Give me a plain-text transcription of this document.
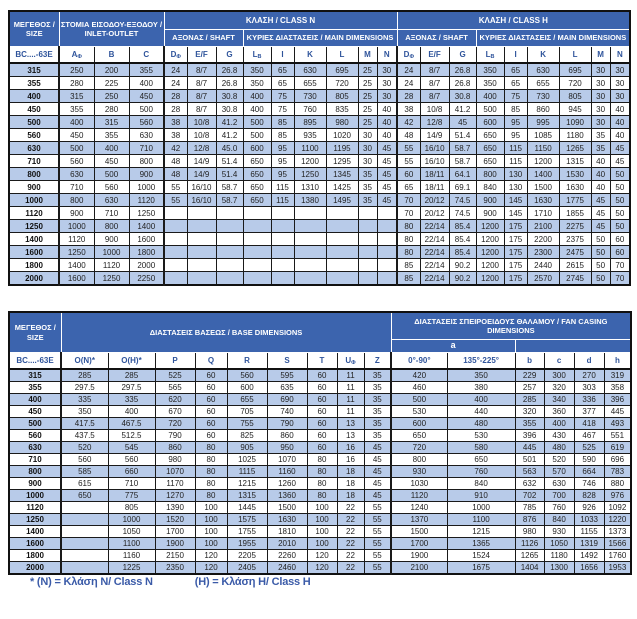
ΜΕΓΕΘΟΣ / SIZE	ΣΤΟΜΙΑ ΕΙΣΟΔΟΥ-ΕΞΟΔΟΥ / INLET-OUTLET			ΚΛΑΣΗ / CLASS N									ΚΛΑΣΗ / CLASS H								
				ΑΞΟΝΑΣ / SHAFT			ΚΥΡΙΕΣ ΔΙΑΣΤΑΣΕΙΣ / MAIN DIMENSIONS						ΑΞΟΝΑΣ / SHAFT			ΚΥΡΙΕΣ ΔΙΑΣΤΑΣΕΙΣ / MAIN DIMENSIONS					
BC....-63E	$A_\Phi$	B	C	$D_\Phi$	E/F	G	$L_B$	I	K	L	M	N	$D_\Phi$	E/F	G	$L_B$	I	K	L	M	N
315	250	200	355	24	8/7	26.8	350	65	630	695	25	30	24	8/7	26.8	350	65	630	695	30	30
355	280	225	400	24	8/7	26.8	350	65	655	720	25	30	24	8/7	26.8	350	65	655	720	30	30
400	315	250	450	28	8/7	30.8	400	75	730	805	25	30	28	8/7	30.8	400	75	730	805	30	30
450	355	280	500	28	8/7	30.8	400	75	760	835	25	40	38	10/8	41.2	500	85	860	945	30	40
500	400	315	560	38	10/8	41.2	500	85	895	980	25	40	42	12/8	45	600	95	995	1090	30	40
560	450	355	630	38	10/8	41.2	500	85	935	1020	30	40	48	14/9	51.4	650	95	1085	1180	35	40
630	500	400	710	42	12/8	45.0	600	95	1100	1195	30	45	55	16/10	58.7	650	115	1150	1265	35	45
710	560	450	800	48	14/9	51.4	650	95	1200	1295	30	45	55	16/10	58.7	650	115	1200	1315	40	45
800	630	500	900	48	14/9	51.4	650	95	1250	1345	35	45	60	18/11	64.1	800	130	1400	1530	40	50
900	710	560	1000	55	16/10	58.7	650	115	1310	1425	35	45	65	18/11	69.1	840	130	1500	1630	40	50
1000	800	630	1120	55	16/10	58.7	650	115	1380	1495	35	45	70	20/12	74.5	900	145	1630	1775	45	50
1120	900	710	1250										70	20/12	74.5	900	145	1710	1855	45	50
1250	1000	800	1400										80	22/14	85.4	1200	175	2100	2275	45	50
1400	1120	900	1600										80	22/14	85.4	1200	175	2200	2375	50	60
1600	1250	1000	1800										80	22/14	85.4	1200	175	2300	2475	50	60
1800	1400	1120	2000										85	22/14	90.2	1200	175	2440	2615	50	70
2000	1600	1250	2250										85	22/14	90.2	1200	175	2570	2745	50	70
ΜΕΓΕΘΟΣ / SIZE	ΔΙΑΣΤΑΣΕΙΣ ΒΑΣΕΩΣ / BASE DIMENSIONS									ΔΙΑΣΤΑΣΕΙΣ ΣΠΕΙΡΟΕΙΔΟΥΣ ΘΑΛΑΜΟΥ / FAN CASING DIMENSIONS					
										a					
BC....-63E	O(N)*	O(H)*	P	Q	R	S	T	$U_\Phi$	Z	0°-90°	135°-225°	b	c	d	h
315	285	285	525	60	560	595	60	11	35	420	350	229	300	270	319
355	297.5	297.5	565	60	600	635	60	11	35	460	380	257	320	303	358
400	335	335	620	60	655	690	60	11	35	500	400	285	340	336	396
450	350	400	670	60	705	740	60	11	35	530	440	320	360	377	445
500	417.5	467.5	720	60	755	790	60	13	35	600	480	355	400	418	493
560	437.5	512.5	790	60	825	860	60	13	35	650	530	396	430	467	551
630	520	545	860	80	905	950	60	16	45	720	580	445	480	525	619
710	560	560	980	80	1025	1070	80	16	45	800	650	501	520	590	696
800	585	660	1070	80	1115	1160	80	18	45	930	760	563	570	664	783
900	615	710	1170	80	1215	1260	80	18	45	1030	840	632	630	746	880
1000	650	775	1270	80	1315	1360	80	18	45	1120	910	702	700	828	976
1120		805	1390	100	1445	1500	100	22	55	1240	1000	785	760	926	1092
1250		1000	1520	100	1575	1630	100	22	55	1370	1100	876	840	1033	1220
1400		1050	1700	100	1755	1810	100	22	55	1500	1215	980	930	1155	1373
1600		1100	1900	100	1955	2010	100	22	55	1700	1365	1126	1050	1319	1566
1800		1160	2150	120	2205	2260	120	22	55	1900	1524	1265	1180	1492	1760
2000		1225	2350	120	2405	2460	120	22	55	2100	1675	1404	1300	1656	1953
* (N) = Κλάση N/ Class N	(H) = Κλάση H/ Class H
